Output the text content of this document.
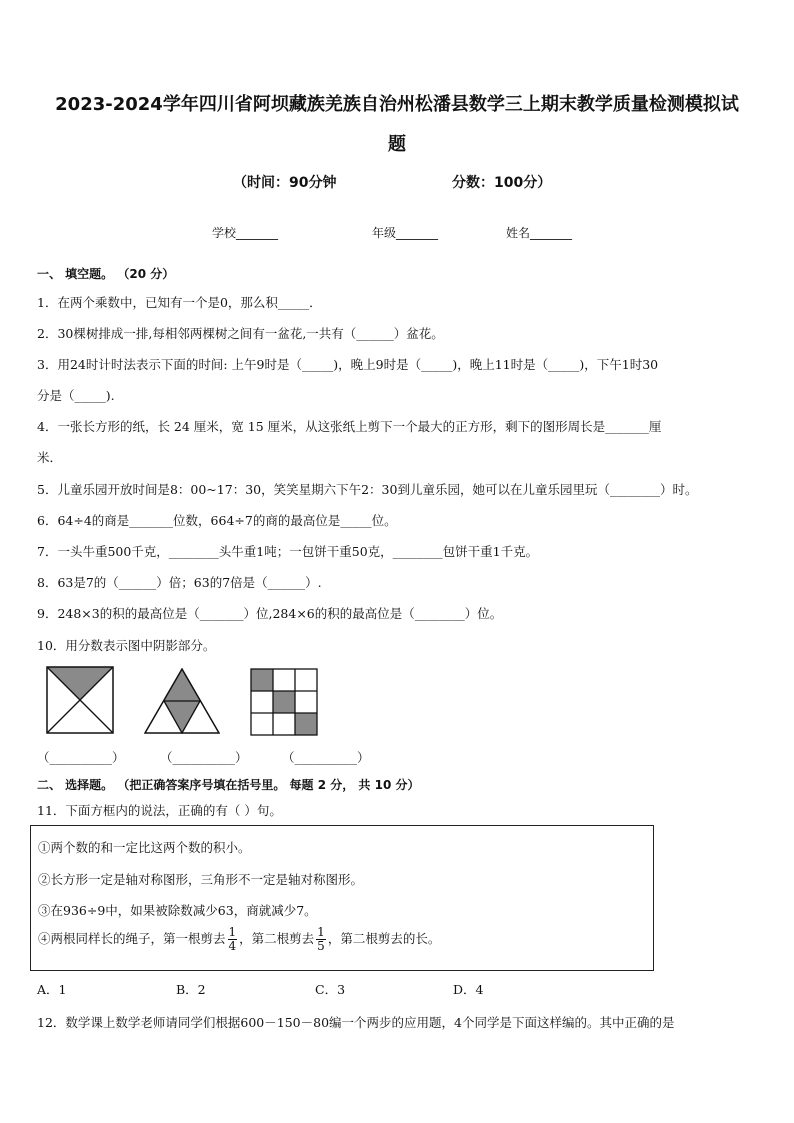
2023-2024学年四川省阿坝藏族羌族自治州松潘县数学三上期末教学质量检测模拟试
题
（时间：90分钟	分数：100分）
学校_______	年级_______	姓名_______
一、 填空题。 （20 分）
1．在两个乘数中，已知有一个是0，那么积_____．
2．30棵树排成一排,每相邻两棵树之间有一盆花,一共有（______）盆花。
3．用24时计时法表示下面的时间: 上午9时是（_____)，晚上9时是（_____)，晚上11时是（_____)，下午1时30
分是（_____).
4．一张长方形的纸，长 24 厘米，宽 15 厘米，从这张纸上剪下一个最大的正方形，剩下的图形周长是_______厘
米．
5．儿童乐园开放时间是8：00~17：30，笑笑星期六下午2：30到儿童乐园，她可以在儿童乐园里玩（________）时。
6．64÷4的商是_______位数，664÷7的商的最高位是_____位。
7．一头牛重500千克，________头牛重1吨；一包饼干重50克，________包饼干重1千克。
8．63是7的（______）倍；63的7倍是（______）.
9．248×3的积的最高位是（_______）位,284×6的积的最高位是（________）位。
10．用分数表示图中阴影部分。
（__________）	（__________）	（__________）
二、 选择题。 （把正确答案序号填在括号里。 每题 2 分， 共 10 分）
11．下面方框内的说法，正确的有（ ）句。
①两个数的和一定比这两个数的积小。
②长方形一定是轴对称图形，三角形不一定是轴对称图形。
③在936÷9中，如果被除数减少63，商就减少7。
④两根同样长的绳子，第一根剪去 $\frac{1}{4}$ ，第二根剪去 $\frac{1}{5}$ ，第二根剪去的长。
A．1	B．2	C．3	D．4
12．数学课上数学老师请同学们根据600－150－80编一个两步的应用题，4个同学是下面这样编的。其中正确的是
